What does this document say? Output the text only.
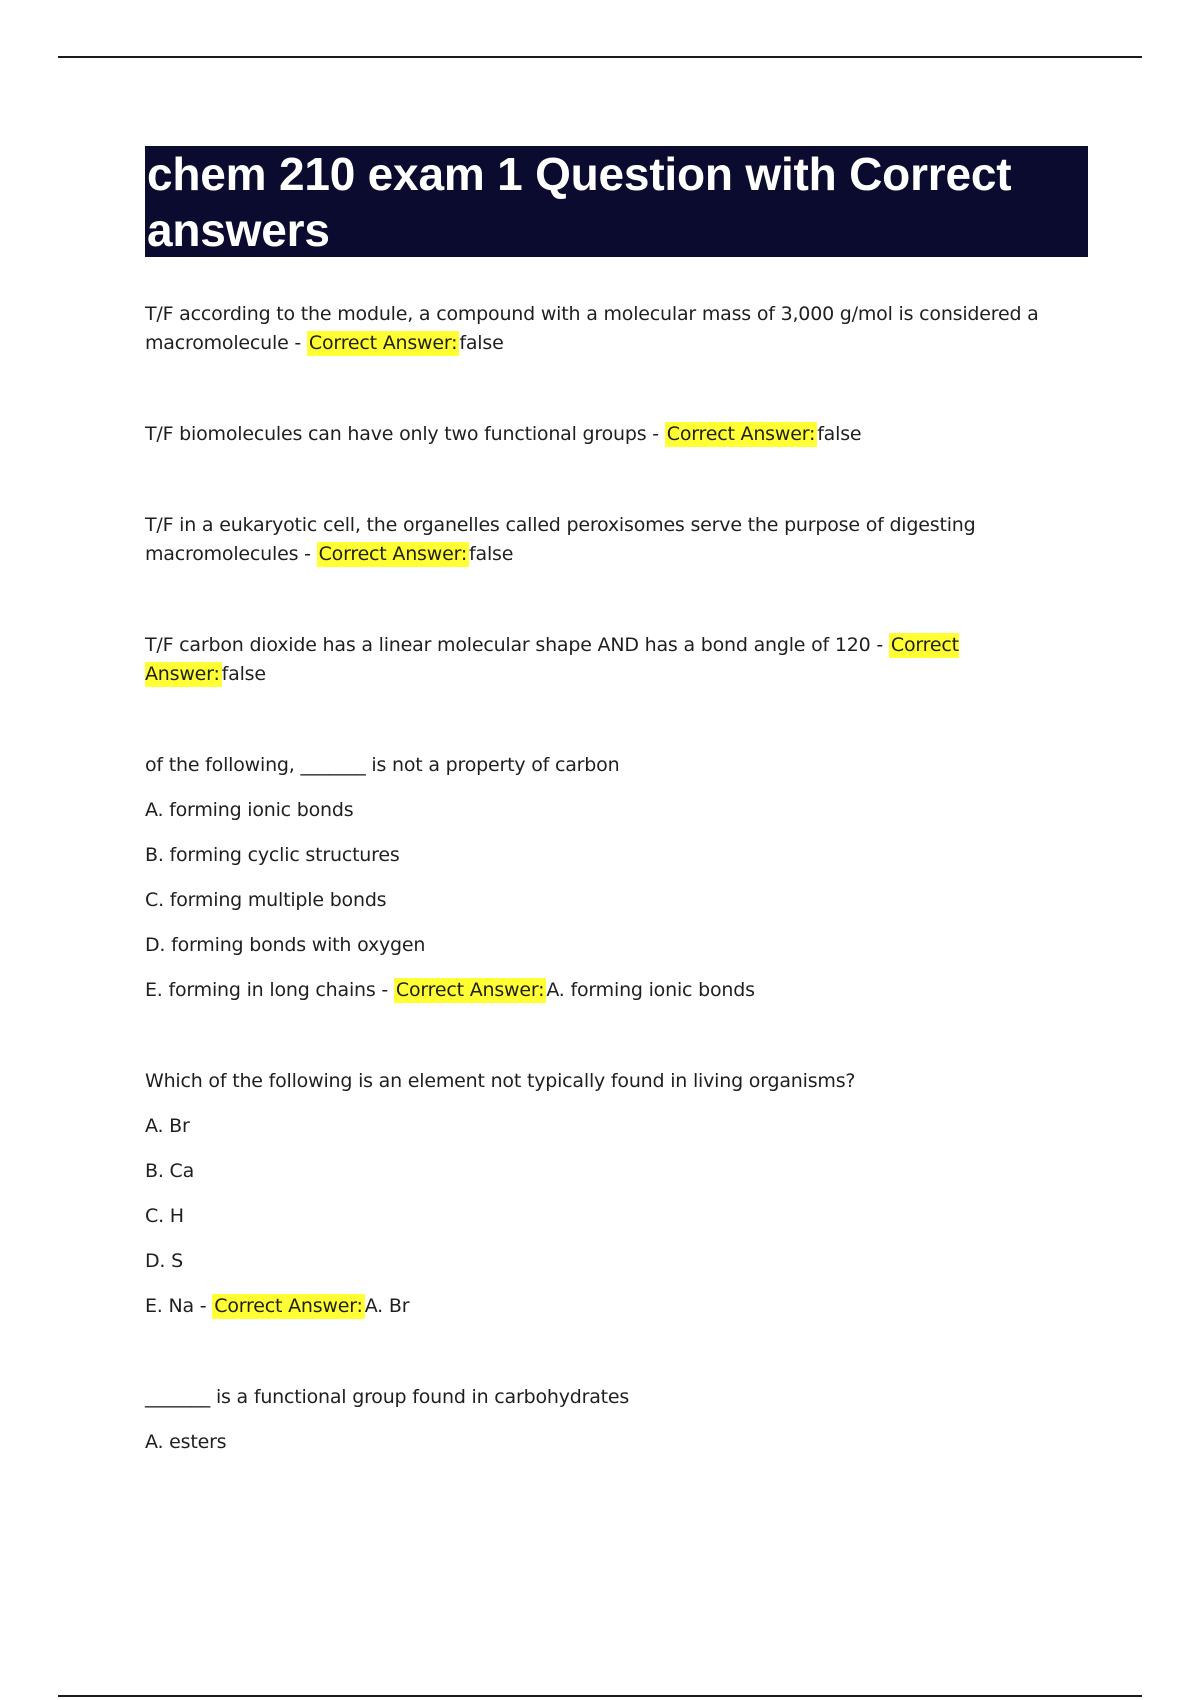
chem 210 exam 1 Question with Correct answers

T/F according to the module, a compound with a molecular mass of 3,000 g/mol is considered a

macromolecule - Correct Answer: false

T/F biomolecules can have only two functional groups - Correct Answer: false

T/F in a eukaryotic cell, the organelles called peroxisomes serve the purpose of digesting

macromolecules - Correct Answer: false

T/F carbon dioxide has a linear molecular shape AND has a bond angle of 120 - Correct Answer: false

of the following, _______ is not a property of carbon

A. forming ionic bonds

B. forming cyclic structures

C. forming multiple bonds

D. forming bonds with oxygen

E. forming in long chains - Correct Answer: A. forming ionic bonds

Which of the following is an element not typically found in living organisms?

A. Br

B. Ca

C. H

D. S

E. Na - Correct Answer: A. Br

_______ is a functional group found in carbohydrates

A. esters
